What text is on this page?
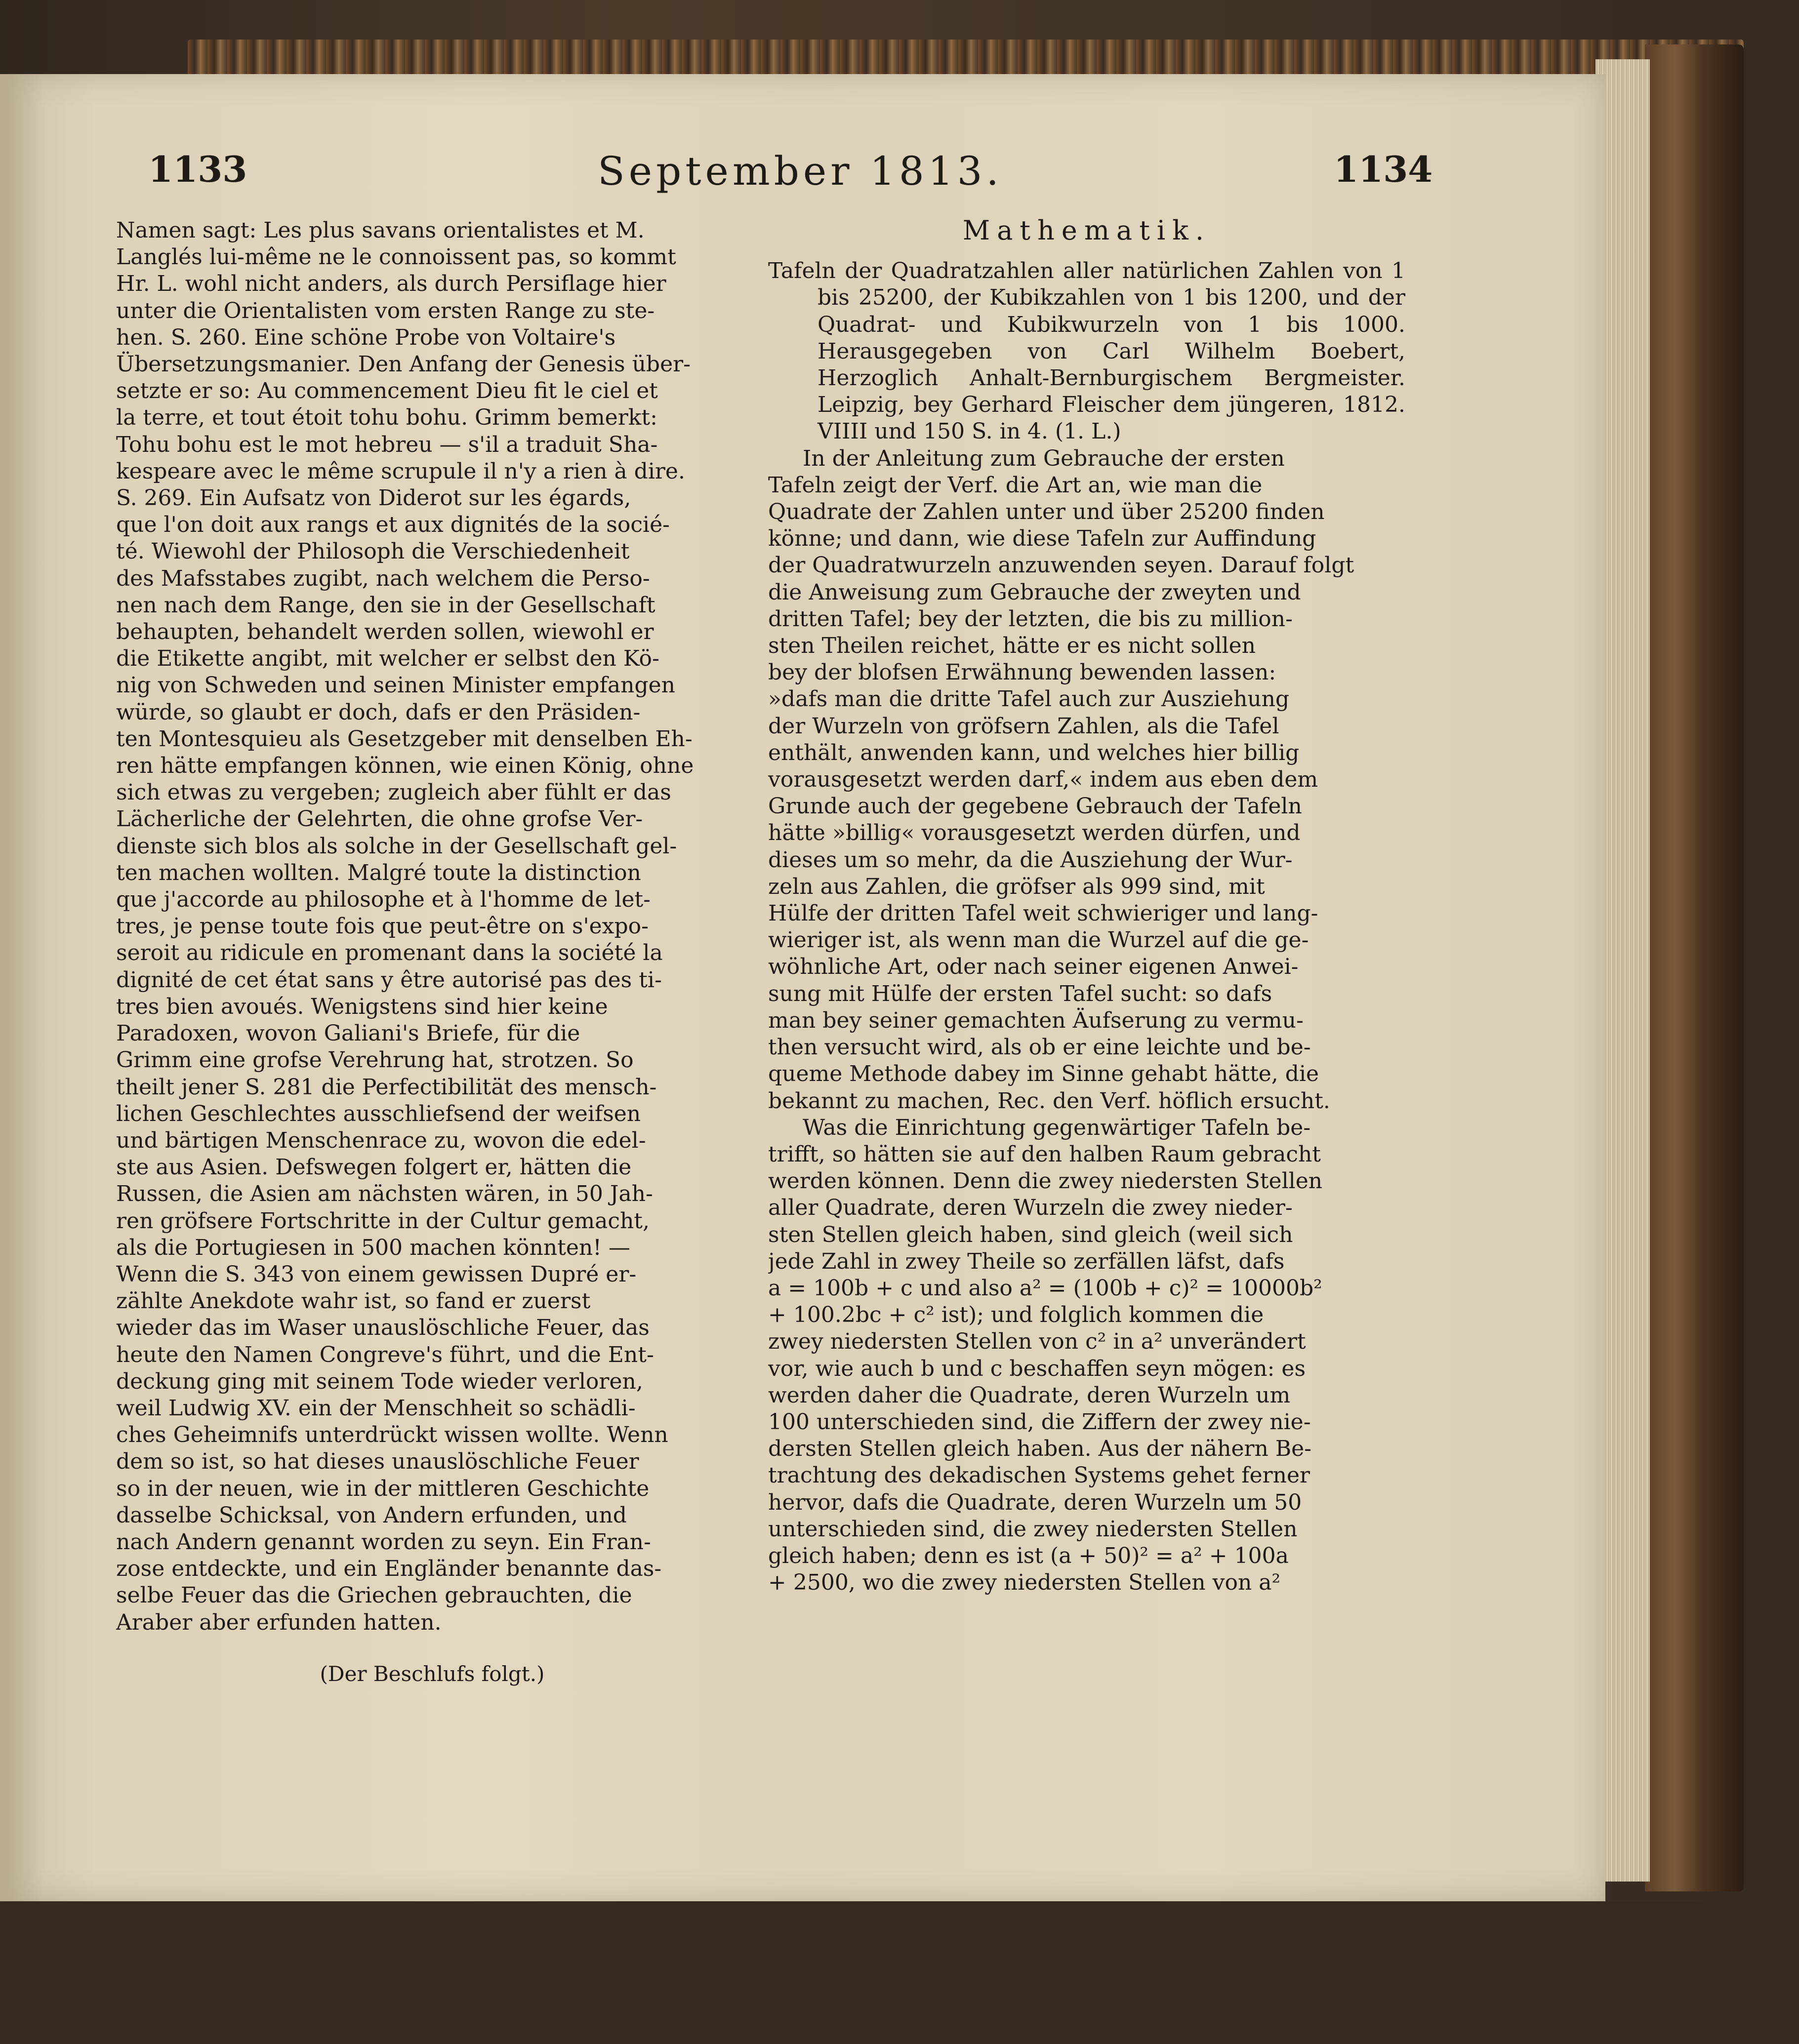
1133	September 1813.	1134
Namen sagt: Les plus savans orientalistes et M.
Langlés lui-même ne le connoissent pas, so kommt
Hr. L. wohl nicht anders, als durch Persiflage hier
unter die Orientalisten vom ersten Range zu ste-
hen. S. 260. Eine schöne Probe von Voltaire's
Übersetzungsmanier. Den Anfang der Genesis über-
setzte er so: Au commencement Dieu fit le ciel et
la terre, et tout étoit tohu bohu. Grimm bemerkt:
Tohu bohu est le mot hebreu — s'il a traduit Sha-
kespeare avec le même scrupule il n'y a rien à dire.
S. 269. Ein Aufsatz von Diderot sur les égards,
que l'on doit aux rangs et aux dignités de la socié-
té. Wiewohl der Philosoph die Verschiedenheit
des Mafsstabes zugibt, nach welchem die Perso-
nen nach dem Range, den sie in der Gesellschaft
behaupten, behandelt werden sollen, wiewohl er
die Etikette angibt, mit welcher er selbst den Kö-
nig von Schweden und seinen Minister empfangen
würde, so glaubt er doch, dafs er den Präsiden-
ten Montesquieu als Gesetzgeber mit denselben Eh-
ren hätte empfangen können, wie einen König, ohne
sich etwas zu vergeben; zugleich aber fühlt er das
Lächerliche der Gelehrten, die ohne grofse Ver-
dienste sich blos als solche in der Gesellschaft gel-
ten machen wollten. Malgré toute la distinction
que j'accorde au philosophe et à l'homme de let-
tres, je pense toute fois que peut-être on s'expo-
seroit au ridicule en promenant dans la société la
dignité de cet état sans y être autorisé pas des ti-
tres bien avoués. Wenigstens sind hier keine
Paradoxen, wovon Galiani's Briefe, für die
Grimm eine grofse Verehrung hat, strotzen. So
theilt jener S. 281 die Perfectibilität des mensch-
lichen Geschlechtes ausschliefsend der weifsen
und bärtigen Menschenrace zu, wovon die edel-
ste aus Asien. Defswegen folgert er, hätten die
Russen, die Asien am nächsten wären, in 50 Jah-
ren gröfsere Fortschritte in der Cultur gemacht,
als die Portugiesen in 500 machen könnten! —
Wenn die S. 343 von einem gewissen Dupré er-
zählte Anekdote wahr ist, so fand er zuerst
wieder das im Waser unauslöschliche Feuer, das
heute den Namen Congreve's führt, und die Ent-
deckung ging mit seinem Tode wieder verloren,
weil Ludwig XV. ein der Menschheit so schädli-
ches Geheimnifs unterdrückt wissen wollte. Wenn
dem so ist, so hat dieses unauslöschliche Feuer
so in der neuen, wie in der mittleren Geschichte
dasselbe Schicksal, von Andern erfunden, und
nach Andern genannt worden zu seyn. Ein Fran-
zose entdeckte, und ein Engländer benannte das-
selbe Feuer das die Griechen gebrauchten, die
Araber aber erfunden hatten.
(Der Beschlufs folgt.)
Mathematik.

Tafeln der Quadratzahlen aller natürlichen Zahlen von 1 bis 25200, der Kubikzahlen von 1 bis 1200, und der Quadrat- und Kubikwurzeln von 1 bis 1000. Herausgegeben von Carl Wilhelm Boebert, Herzoglich Anhalt-Bernburgischem Bergmeister. Leipzig, bey Gerhard Fleischer dem jüngeren, 1812. VIIII und 150 S. in 4. (1. L.)

In der Anleitung zum Gebrauche der ersten
Tafeln zeigt der Verf. die Art an, wie man die
Quadrate der Zahlen unter und über 25200 finden
könne; und dann, wie diese Tafeln zur Auffindung
der Quadratwurzeln anzuwenden seyen. Darauf folgt
die Anweisung zum Gebrauche der zweyten und
dritten Tafel; bey der letzten, die bis zu million-
sten Theilen reichet, hätte er es nicht sollen
bey der blofsen Erwähnung bewenden lassen:
»dafs man die dritte Tafel auch zur Ausziehung
der Wurzeln von gröfsern Zahlen, als die Tafel
enthält, anwenden kann, und welches hier billig
vorausgesetzt werden darf,« indem aus eben dem
Grunde auch der gegebene Gebrauch der Tafeln
hätte »billig« vorausgesetzt werden dürfen, und
dieses um so mehr, da die Ausziehung der Wur-
zeln aus Zahlen, die gröfser als 999 sind, mit
Hülfe der dritten Tafel weit schwieriger und lang-
wieriger ist, als wenn man die Wurzel auf die ge-
wöhnliche Art, oder nach seiner eigenen Anwei-
sung mit Hülfe der ersten Tafel sucht: so dafs
man bey seiner gemachten Äufserung zu vermu-
then versucht wird, als ob er eine leichte und be-
queme Methode dabey im Sinne gehabt hätte, die
bekannt zu machen, Rec. den Verf. höflich ersucht.
Was die Einrichtung gegenwärtiger Tafeln be-
trifft, so hätten sie auf den halben Raum gebracht
werden können. Denn die zwey niedersten Stellen
aller Quadrate, deren Wurzeln die zwey nieder-
sten Stellen gleich haben, sind gleich (weil sich
jede Zahl in zwey Theile so zerfällen läfst, dafs
a = 100b + c und also a² = (100b + c)² = 10000b²
+ 100.2bc + c² ist); und folglich kommen die
zwey niedersten Stellen von c² in a² unverändert
vor, wie auch b und c beschaffen seyn mögen: es
werden daher die Quadrate, deren Wurzeln um
100 unterschieden sind, die Ziffern der zwey nie-
dersten Stellen gleich haben. Aus der nähern Be-
trachtung des dekadischen Systems gehet ferner
hervor, dafs die Quadrate, deren Wurzeln um 50
unterschieden sind, die zwey niedersten Stellen
gleich haben; denn es ist (a + 50)² = a² + 100a
+ 2500, wo die zwey niedersten Stellen von a²
